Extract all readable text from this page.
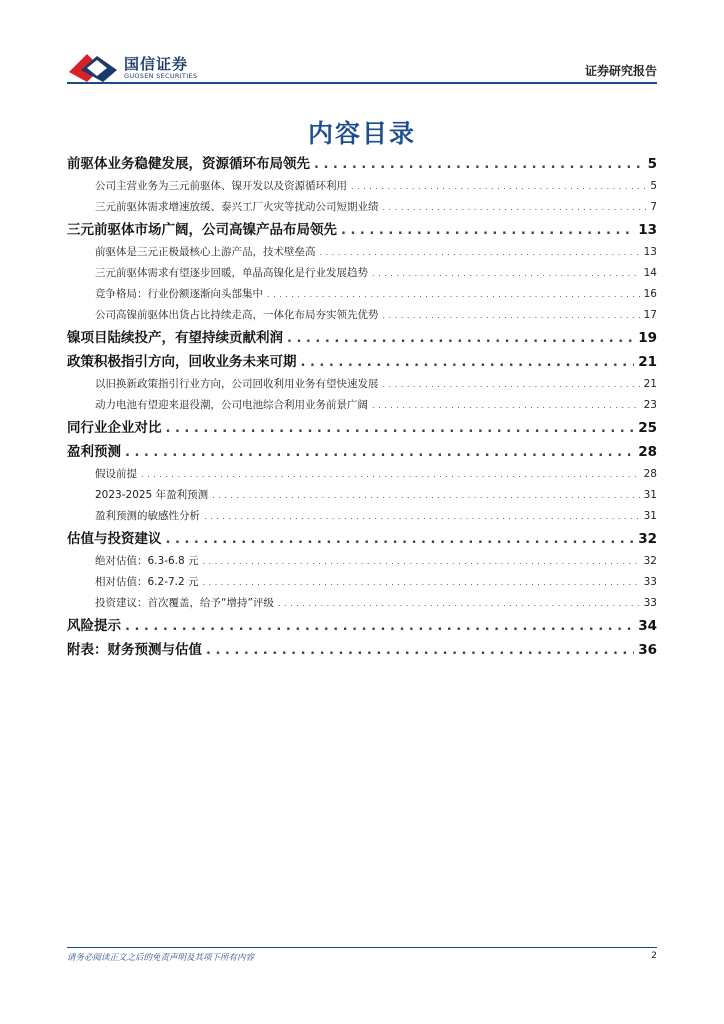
国信证券
GUOSEN SECURITIES	证券研究报告
内容目录
前驱体业务稳健发展，资源循环布局领先 . . .	5
公司主营业务为三元前驱体、镍开发以及资源循环利用 . . .	5
三元前驱体需求增速放缓、泰兴工厂火灾等扰动公司短期业绩 . . .	7
三元前驱体市场广阔，公司高镍产品布局领先 . . .	13
前驱体是三元正极最核心上游产品，技术壁垒高 . . .	13
三元前驱体需求有望逐步回暖，单晶高镍化是行业发展趋势 . . .	14
竞争格局：行业份额逐渐向头部集中 . . .	16
公司高镍前驱体出货占比持续走高，一体化布局夯实领先优势 . . .	17
镍项目陆续投产，有望持续贡献利润 . . .	19
政策积极指引方向，回收业务未来可期 . . .	21
以旧换新政策指引行业方向，公司回收利用业务有望快速发展 . . .	21
动力电池有望迎来退役潮，公司电池综合利用业务前景广阔 . . .	23
同行业企业对比 . . .	25
盈利预测 . . .	28
假设前提 . . .	28
2023-2025 年盈利预测 . . .	31
盈利预测的敏感性分析 . . .	31
估值与投资建议 . . .	32
绝对估值：6.3-6.8 元 . . .	32
相对估值：6.2-7.2 元 . . .	33
投资建议：首次覆盖，给予“增持”评级 . . .	33
风险提示 . . .	34
附表：财务预测与估值 . . .	36
请务必阅读正文之后的免责声明及其项下所有内容	2
